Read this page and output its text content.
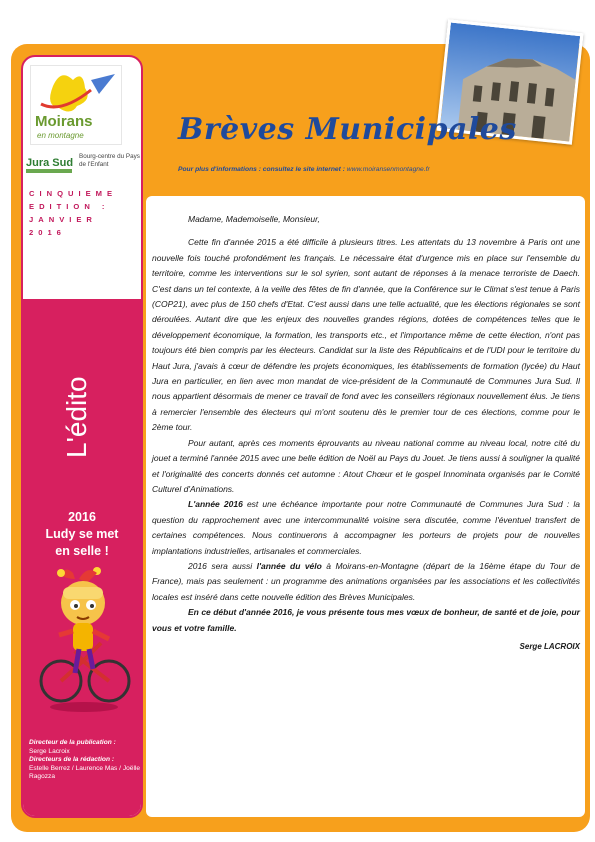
Brèves Municipales
Pour plus d'informations : consultez le site internet : www.moiransenmontagne.fr
Moirans
en montagne
Jura Sud
Bourg-centre du Pays de l'Enfant
CINQUIEME EDITION : JANVIER 2016
L'édito
2016
Ludy se met
en selle !
Directeur de la publication :
Serge Lacroix
Directeurs de la rédaction :
Estelle Berrez / Laurence Mas / Joëlle Ragozza

Madame, Mademoiselle, Monsieur,

Cette fin d'année 2015 a été difficile à plusieurs titres. Les attentats du 13 novembre à Paris ont une nouvelle fois touché profondément les français. Le nécessaire état d'urgence mis en place sur l'ensemble du territoire, comme les interventions sur le sol syrien, sont autant de réponses à la menace terroriste de Daech. C'est dans un tel contexte, à la veille des fêtes de fin d'année, que la Conférence sur le Climat s'est tenue à Paris (COP21), avec plus de 150 chefs d'Etat. C'est aussi dans une telle actualité, que les élections régionales se sont déroulées. Autant dire que les enjeux des nouvelles grandes régions, dotées de compétences telles que le développement économique, la formation, les transports etc., et l'importance même de cette élection, n'ont pas toujours été bien compris par les électeurs. Candidat sur la liste des Républicains et de l'UDI pour le territoire du Haut Jura, j'avais à cœur de défendre les projets économiques, les établissements de formation (lycée) du Haut Jura en particulier, en lien avec mon mandat de vice-président de la Communauté de Communes Jura Sud. Il nous appartient désormais de mener ce travail de fond avec les conseillers régionaux nouvellement élus. Je tiens à remercier l'ensemble des électeurs qui m'ont soutenu dès le premier tour de ces élections, comme pour le 2ème tour.

Pour autant, après ces moments éprouvants au niveau national comme au niveau local, notre cité du jouet a terminé l'année 2015 avec une belle édition de Noël au Pays du Jouet. Je tiens aussi à souligner la qualité et l'originalité des concerts donnés cet automne : Atout Chœur et le gospel Innominata organisés par le Comité Culturel d'Animations.

L'année 2016 est une échéance importante pour notre Communauté de Communes Jura Sud : la question du rapprochement avec une intercommunalité voisine sera discutée, comme l'éventuel transfert de certaines compétences. Nous continuerons à accompagner les porteurs de projets pour de nouvelles implantations industrielles, artisanales et commerciales.

2016 sera aussi l'année du vélo à Moirans-en-Montagne (départ de la 16ème étape du Tour de France), mais pas seulement : un programme des animations organisées par les associations et les collectivités locales est inséré dans cette nouvelle édition des Brèves Municipales.

En ce début d'année 2016, je vous présente tous mes vœux de bonheur, de santé et de joie, pour vous et votre famille.

Serge LACROIX
